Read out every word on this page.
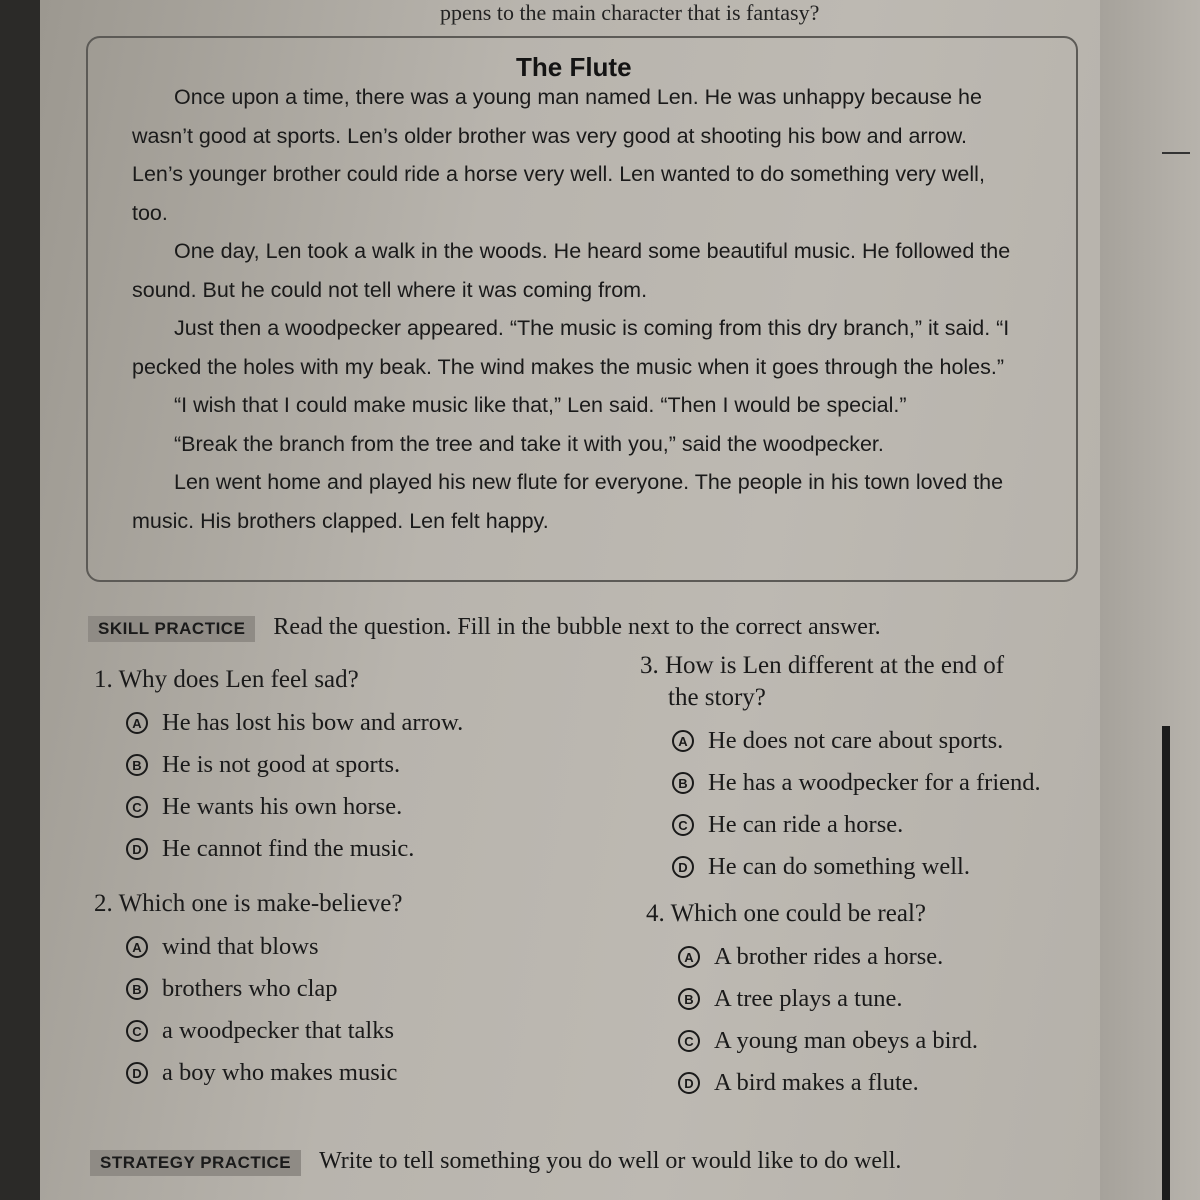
ppens to the main character that is fantasy?
The Flute

Once upon a time, there was a young man named Len. He was unhappy because he wasn’t good at sports. Len’s older brother was very good at shooting his bow and arrow. Len’s younger brother could ride a horse very well. Len wanted to do something very well, too.

One day, Len took a walk in the woods. He heard some beautiful music. He followed the sound. But he could not tell where it was coming from.

Just then a woodpecker appeared. “The music is coming from this dry branch,” it said. “I pecked the holes with my beak. The wind makes the music when it goes through the holes.”

“I wish that I could make music like that,” Len said. “Then I would be special.”

“Break the branch from the tree and take it with you,” said the woodpecker.

Len went home and played his new flute for everyone. The people in his town loved the music. His brothers clapped. Len felt happy.

SKILL PRACTICE Read the question. Fill in the bubble next to the correct answer.
1. Why does Len feel sad?
A He has lost his bow and arrow.
B He is not good at sports.
C He wants his own horse.
D He cannot find the music.
2. Which one is make-believe?
A wind that blows
B brothers who clap
C a woodpecker that talks
D a boy who makes music
3. How is Len different at the end of
the story?
A He does not care about sports.
B He has a woodpecker for a friend.
C He can ride a horse.
D He can do something well.
4. Which one could be real?
A A brother rides a horse.
B A tree plays a tune.
C A young man obeys a bird.
D A bird makes a flute.
STRATEGY PRACTICE Write to tell something you do well or would like to do well.
